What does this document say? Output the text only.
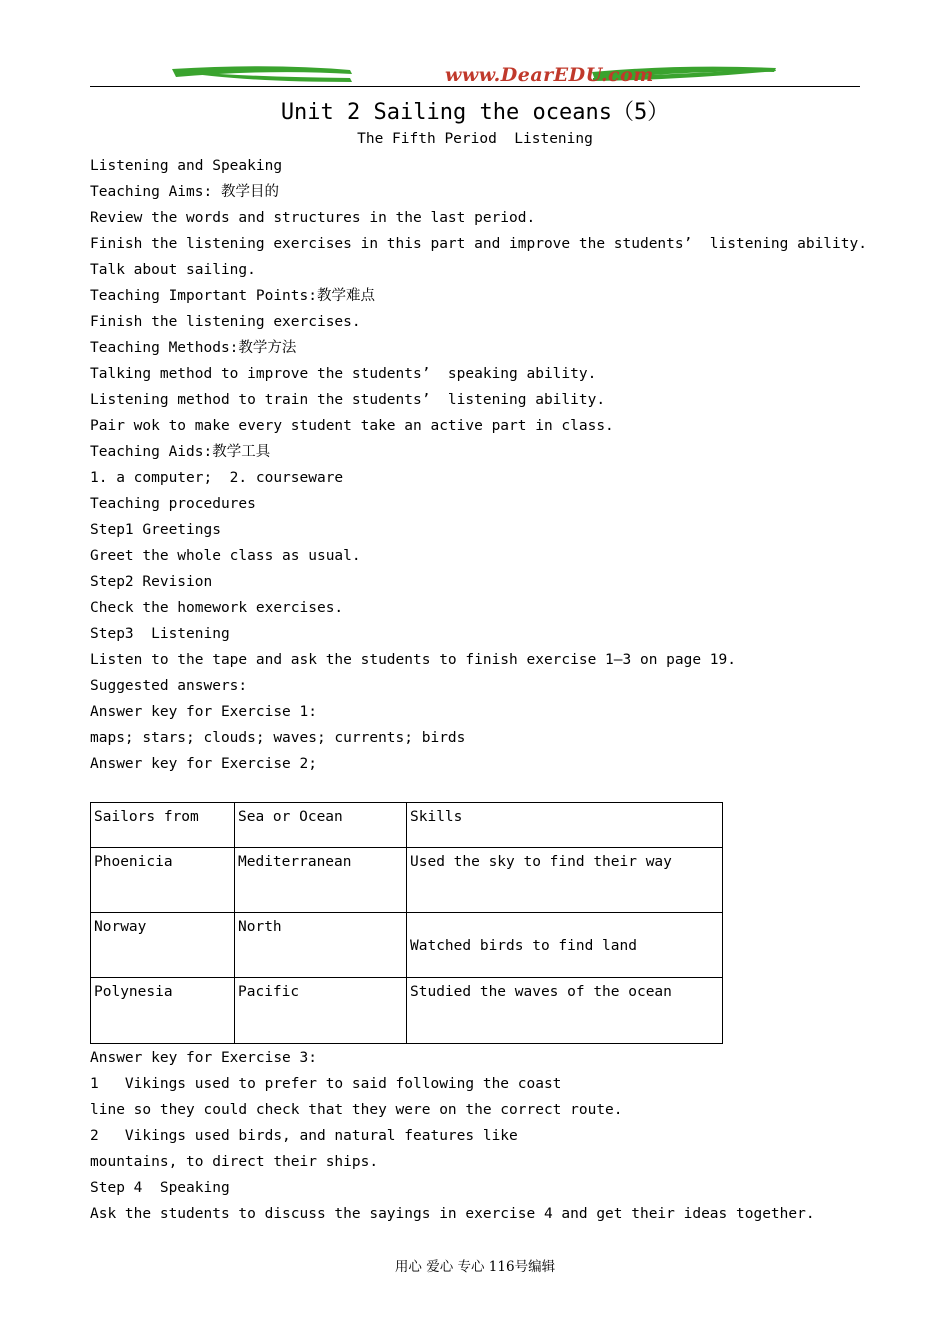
www.DearEDU.com
Unit 2 Sailing the oceans（5）
The Fifth Period  Listening
Listening and Speaking
Teaching Aims: 教学目的
Review the words and structures in the last period.
Finish the listening exercises in this part and improve the students’  listening ability.
Talk about sailing.
Teaching Important Points:教学难点
Finish the listening exercises.
Teaching Methods:教学方法
Talking method to improve the students’  speaking ability.
Listening method to train the students’  listening ability.
Pair wok to make every student take an active part in class.
Teaching Aids:教学工具
1. a computer;  2. courseware
Teaching procedures
Step1 Greetings
Greet the whole class as usual.
Step2 Revision
Check the homework exercises.
Step3  Listening
Listen to the tape and ask the students to finish exercise 1—3 on page 19.
Suggested answers:
Answer key for Exercise 1:
maps; stars; clouds; waves; currents; birds
Answer key for Exercise 2;
Sailors from	Sea or Ocean	Skills
Phoenicia	Mediterranean	Used the sky to find their way
Norway	North	Watched birds to find land
Polynesia	Pacific	Studied the waves of the ocean
Answer key for Exercise 3:
1   Vikings used to prefer to said following the coast
line so they could check that they were on the correct route.
2   Vikings used birds, and natural features like
mountains, to direct their ships.
Step 4  Speaking
Ask the students to discuss the sayings in exercise 4 and get their ideas together.
用心 爱心 专心 116号编辑
